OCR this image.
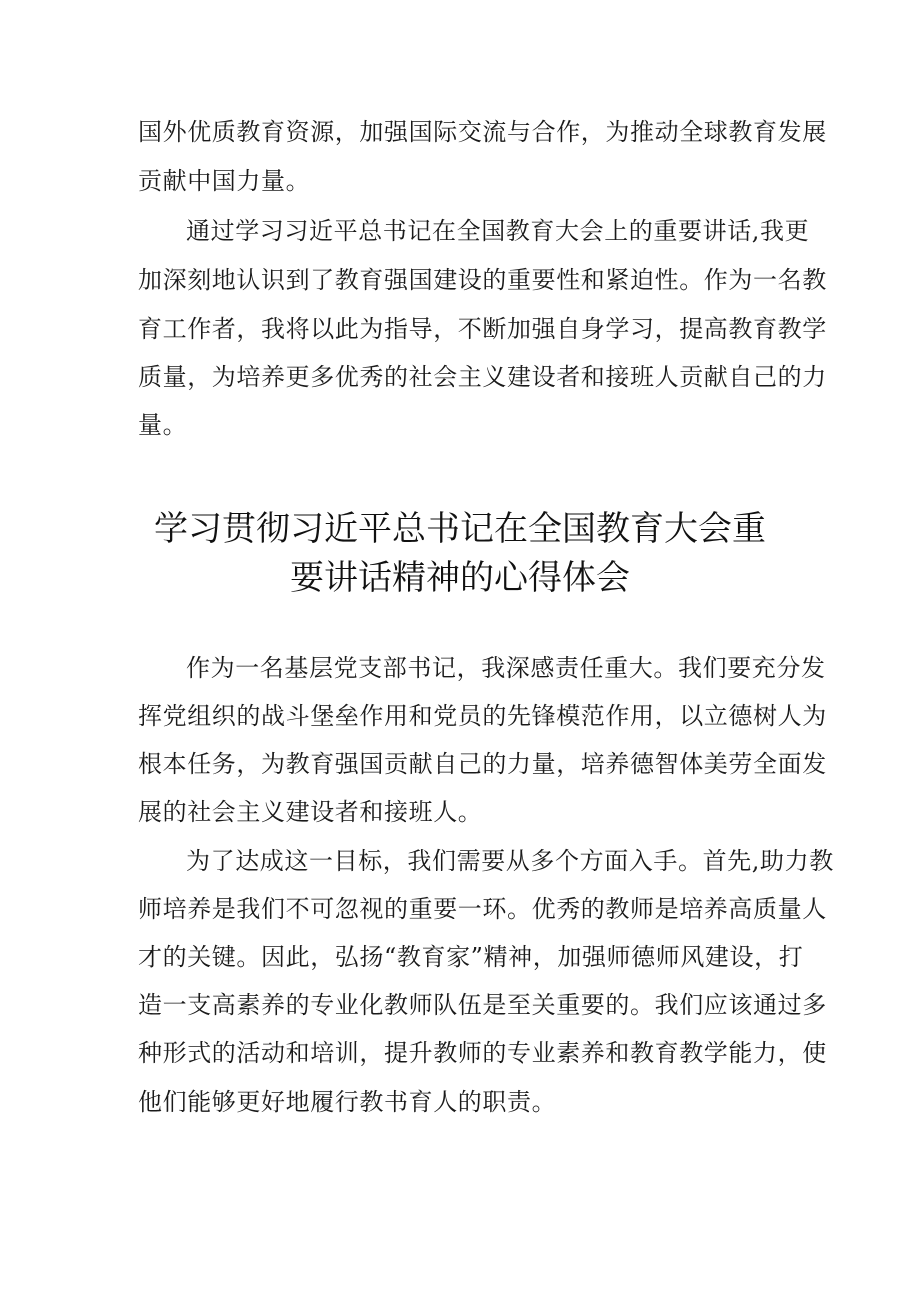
国外优质教育资源，加强国际交流与合作，为推动全球教育发展
贡献中国力量。
通过学习习近平总书记在全国教育大会上的重要讲话,我更
加深刻地认识到了教育强国建设的重要性和紧迫性。作为一名教
育工作者，我将以此为指导，不断加强自身学习，提高教育教学
质量，为培养更多优秀的社会主义建设者和接班人贡献自己的力
量。
学习贯彻习近平总书记在全国教育大会重
要讲话精神的心得体会
作为一名基层党支部书记，我深感责任重大。我们要充分发
挥党组织的战斗堡垒作用和党员的先锋模范作用，以立德树人为
根本任务，为教育强国贡献自己的力量，培养德智体美劳全面发
展的社会主义建设者和接班人。
为了达成这一目标，我们需要从多个方面入手。首先,助力教
师培养是我们不可忽视的重要一环。优秀的教师是培养高质量人
才的关键。因此，弘扬“教育家”精神，加强师德师风建设，打
造一支高素养的专业化教师队伍是至关重要的。我们应该通过多
种形式的活动和培训，提升教师的专业素养和教育教学能力，使
他们能够更好地履行教书育人的职责。
